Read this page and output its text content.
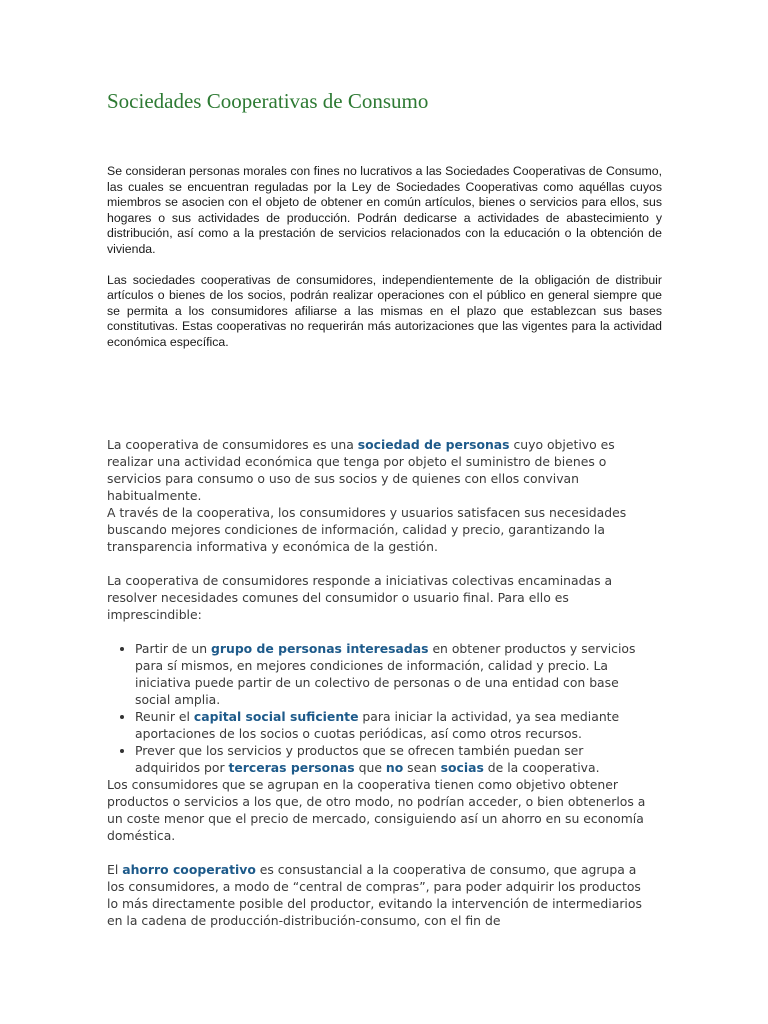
Sociedades Cooperativas de Consumo

Se consideran personas morales con fines no lucrativos a las Sociedades Cooperativas de Consumo, las cuales se encuentran reguladas por la Ley de Sociedades Cooperativas como aquéllas cuyos miembros se asocien con el objeto de obtener en común artículos, bienes o servicios para ellos, sus hogares o sus actividades de producción. Podrán dedicarse a actividades de abastecimiento y distribución, así como a la prestación de servicios relacionados con la educación o la obtención de vivienda.

Las sociedades cooperativas de consumidores, independientemente de la obligación de distribuir artículos o bienes de los socios, podrán realizar operaciones con el público en general siempre que se permita a los consumidores afiliarse a las mismas en el plazo que establezcan sus bases constitutivas. Estas cooperativas no requerirán más autorizaciones que las vigentes para la actividad económica específica.

La cooperativa de consumidores es una sociedad de personas cuyo objetivo es realizar una actividad económica que tenga por objeto el suministro de bienes o servicios para consumo o uso de sus socios y de quienes con ellos convivan habitualmente.
A través de la cooperativa, los consumidores y usuarios satisfacen sus necesidades buscando mejores condiciones de información, calidad y precio, garantizando la transparencia informativa y económica de la gestión.

La cooperativa de consumidores responde a iniciativas colectivas encaminadas a resolver necesidades comunes del consumidor o usuario final. Para ello es imprescindible:

• Partir de un grupo de personas interesadas en obtener productos y servicios para sí mismos, en mejores condiciones de información, calidad y precio. La iniciativa puede partir de un colectivo de personas o de una entidad con base social amplia.
• Reunir el capital social suficiente para iniciar la actividad, ya sea mediante aportaciones de los socios o cuotas periódicas, así como otros recursos.
• Prever que los servicios y productos que se ofrecen también puedan ser adquiridos por terceras personas que no sean socias de la cooperativa.

Los consumidores que se agrupan en la cooperativa tienen como objetivo obtener productos o servicios a los que, de otro modo, no podrían acceder, o bien obtenerlos a un coste menor que el precio de mercado, consiguiendo así un ahorro en su economía doméstica.

El ahorro cooperativo es consustancial a la cooperativa de consumo, que agrupa a los consumidores, a modo de “central de compras”, para poder adquirir los productos lo más directamente posible del productor, evitando la intervención de intermediarios en la cadena de producción-distribución-consumo, con el fin de
